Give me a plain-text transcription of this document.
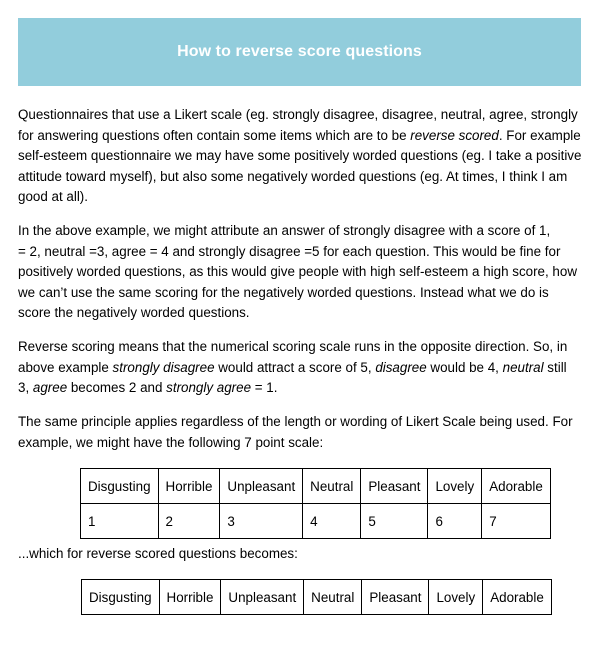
How to reverse score questions

Questionnaires that use a Likert scale (eg. strongly disagree, disagree, neutral, agree, strongly
for answering questions often contain some items which are to be reverse scored. For example
self-esteem questionnaire we may have some positively worded questions (eg. I take a positive
attitude toward myself), but also some negatively worded questions (eg. At times, I think I am
good at all).

In the above example, we might attribute an answer of strongly disagree with a score of 1,
= 2, neutral =3, agree = 4 and strongly disagree =5 for each question. This would be fine for
positively worded questions, as this would give people with high self-esteem a high score, how
we can’t use the same scoring for the negatively worded questions. Instead what we do is
score the negatively worded questions.

Reverse scoring means that the numerical scoring scale runs in the opposite direction. So, in
above example strongly disagree would attract a score of 5, disagree would be 4, neutral still
3, agree becomes 2 and strongly agree = 1.

The same principle applies regardless of the length or wording of Likert Scale being used. For
example, we might have the following 7 point scale:

Disgusting	Horrible	Unpleasant	Neutral	Pleasant	Lovely	Adorable
1	2	3	4	5	6	7

...which for reverse scored questions becomes:

Disgusting	Horrible	Unpleasant	Neutral	Pleasant	Lovely	Adorable
